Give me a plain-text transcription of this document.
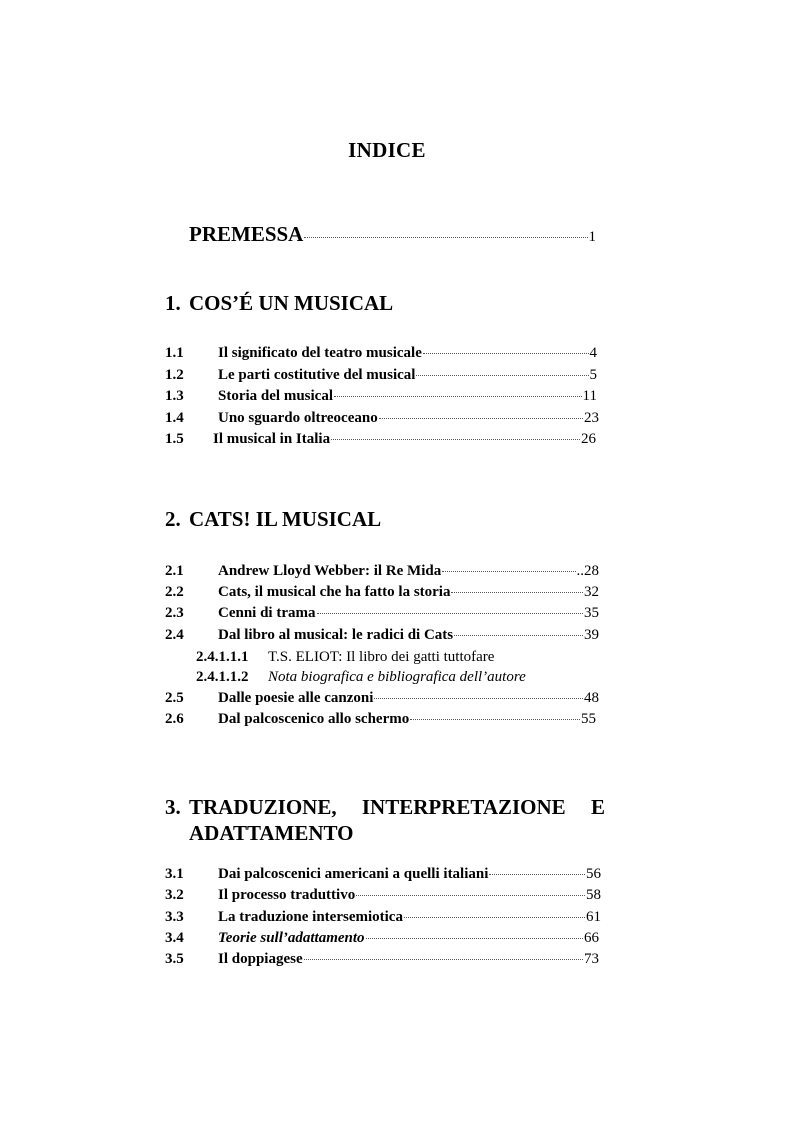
INDICE
PREMESSA	1
1. COS’É UN MUSICAL
1.1	Il significato del teatro musicale	4
1.2	Le parti costitutive del musical	5
1.3	Storia del musical	11
1.4	Uno sguardo oltreoceano	23
1.5	Il musical in Italia	26
2. CATS! IL MUSICAL
2.1	Andrew Lloyd Webber: il Re Mida	..28
2.2	Cats, il musical che ha fatto la storia	32
2.3	Cenni di trama	35
2.4	Dal libro al musical: le radici di Cats	39
2.4.1.1.1 T.S. ELIOT: Il libro dei gatti tuttofare
2.4.1.1.2 Nota biografica e bibliografica dell’autore
2.5	Dalle poesie alle canzoni	48
2.6	Dal palcoscenico allo schermo	55
3. TRADUZIONE, INTERPRETAZIONE E
ADATTAMENTO
3.1	Dai palcoscenici americani a quelli italiani	56
3.2	Il processo traduttivo	58
3.3	La traduzione intersemiotica	61
3.4	Teorie sull’adattamento	66
3.5	Il doppiagese	73
